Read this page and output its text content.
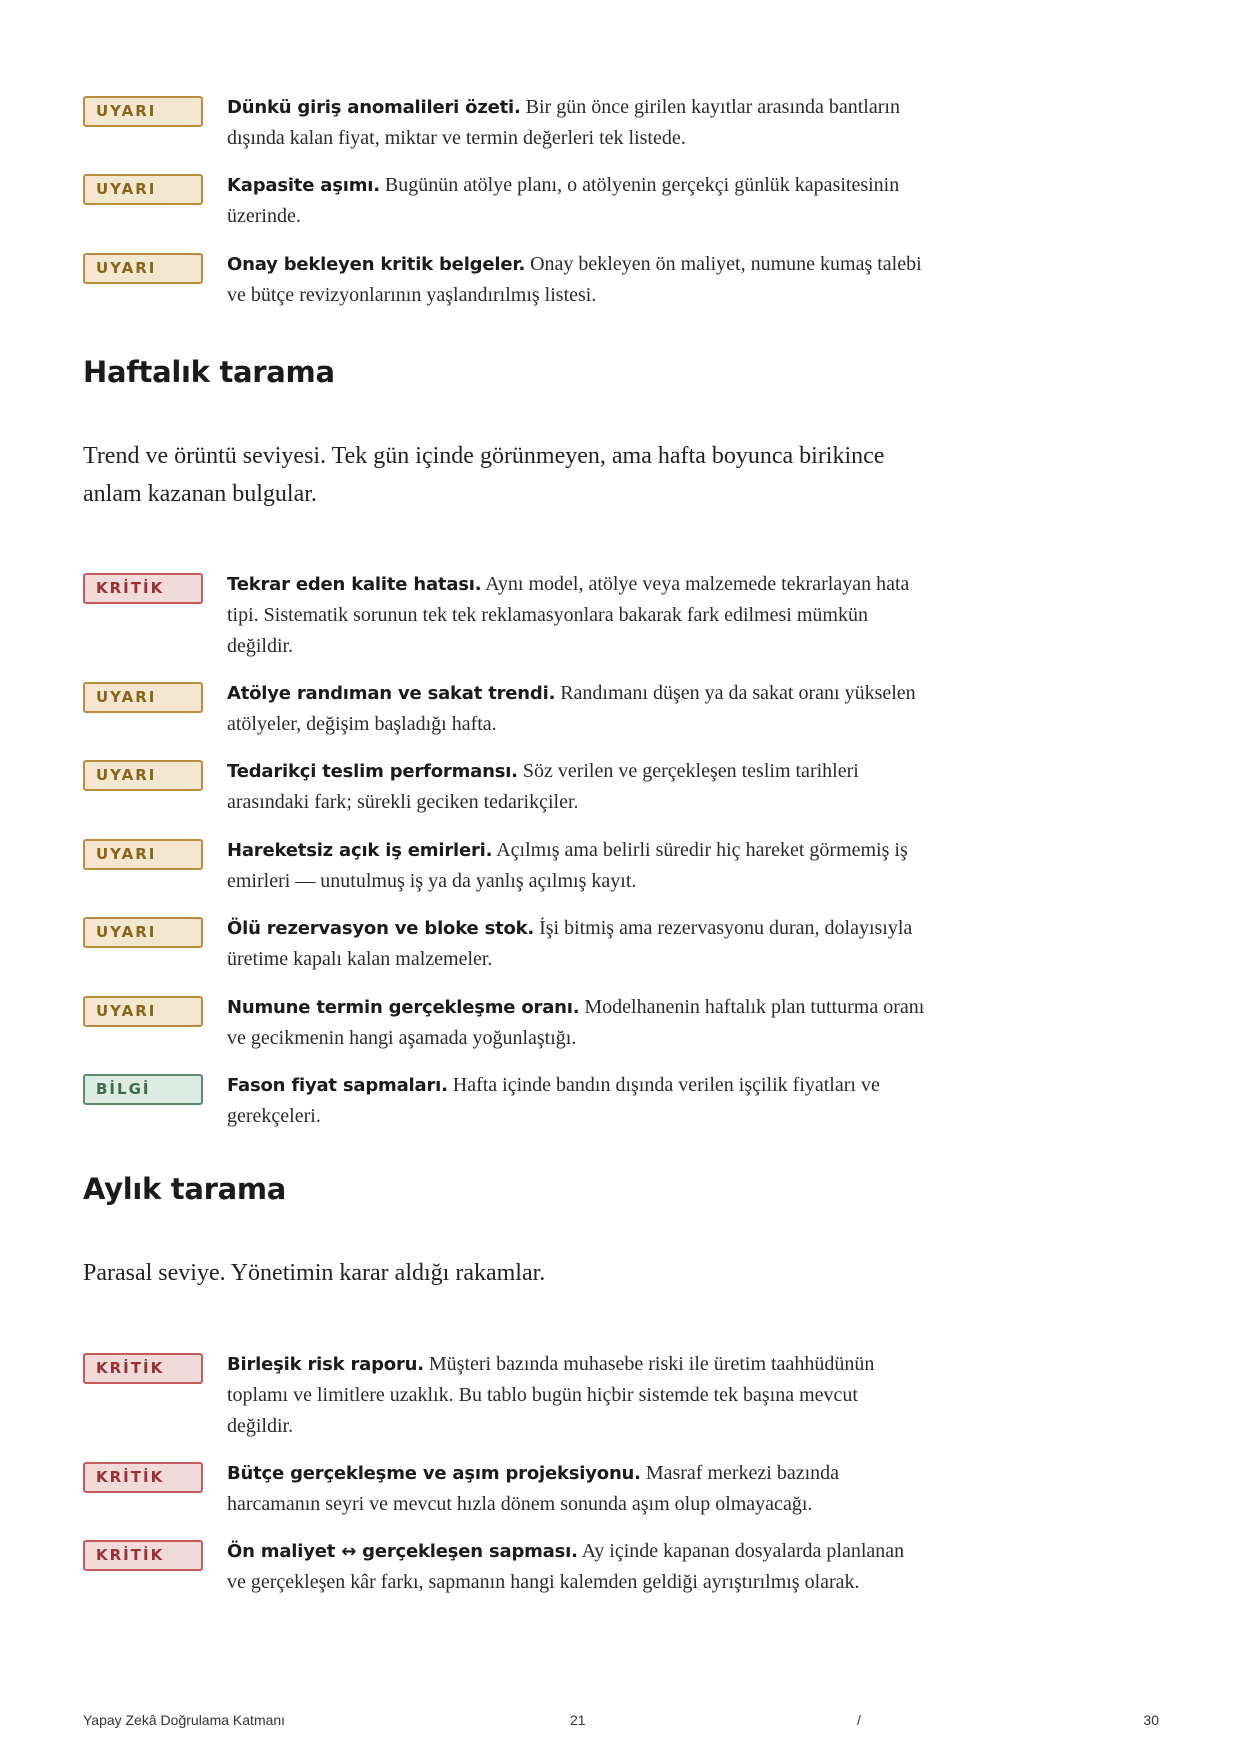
UYARI	Dünkü giriş anomalileri özeti. Bir gün önce girilen kayıtlar arasında bantların dışında kalan fiyat, miktar ve termin değerleri tek listede.
UYARI	Kapasite aşımı. Bugünün atölye planı, o atölyenin gerçekçi günlük kapasitesinin üzerinde.
UYARI	Onay bekleyen kritik belgeler. Onay bekleyen ön maliyet, numune kumaş talebi ve bütçe revizyonlarının yaşlandırılmış listesi.
Haftalık tarama

Trend ve örüntü seviyesi. Tek gün içinde görünmeyen, ama hafta boyunca birikince anlam kazanan bulgular.

KRİTİK	Tekrar eden kalite hatası. Aynı model, atölye veya malzemede tekrarlayan hata tipi. Sistematik sorunun tek tek reklamasyonlara bakarak fark edilmesi mümkün değildir.
UYARI	Atölye randıman ve sakat trendi. Randımanı düşen ya da sakat oranı yükselen atölyeler, değişim başladığı hafta.
UYARI	Tedarikçi teslim performansı. Söz verilen ve gerçekleşen teslim tarihleri arasındaki fark; sürekli geciken tedarikçiler.
UYARI	Hareketsiz açık iş emirleri. Açılmış ama belirli süredir hiç hareket görmemiş iş emirleri — unutulmuş iş ya da yanlış açılmış kayıt.
UYARI	Ölü rezervasyon ve bloke stok. İşi bitmiş ama rezervasyonu duran, dolayısıyla üretime kapalı kalan malzemeler.
UYARI	Numune termin gerçekleşme oranı. Modelhanenin haftalık plan tutturma oranı ve gecikmenin hangi aşamada yoğunlaştığı.
BİLGİ	Fason fiyat sapmaları. Hafta içinde bandın dışında verilen işçilik fiyatları ve gerekçeleri.
Aylık tarama

Parasal seviye. Yönetimin karar aldığı rakamlar.

KRİTİK	Birleşik risk raporu. Müşteri bazında muhasebe riski ile üretim taahhüdünün toplamı ve limitlere uzaklık. Bu tablo bugün hiçbir sistemde tek başına mevcut değildir.
KRİTİK	Bütçe gerçekleşme ve aşım projeksiyonu. Masraf merkezi bazında harcamanın seyri ve mevcut hızla dönem sonunda aşım olup olmayacağı.
KRİTİK	Ön maliyet ↔ gerçekleşen sapması. Ay içinde kapanan dosyalarda planlanan ve gerçekleşen kâr farkı, sapmanın hangi kalemden geldiği ayrıştırılmış olarak.
Yapay Zekâ Doğrulama Katmanı	21	/	30
